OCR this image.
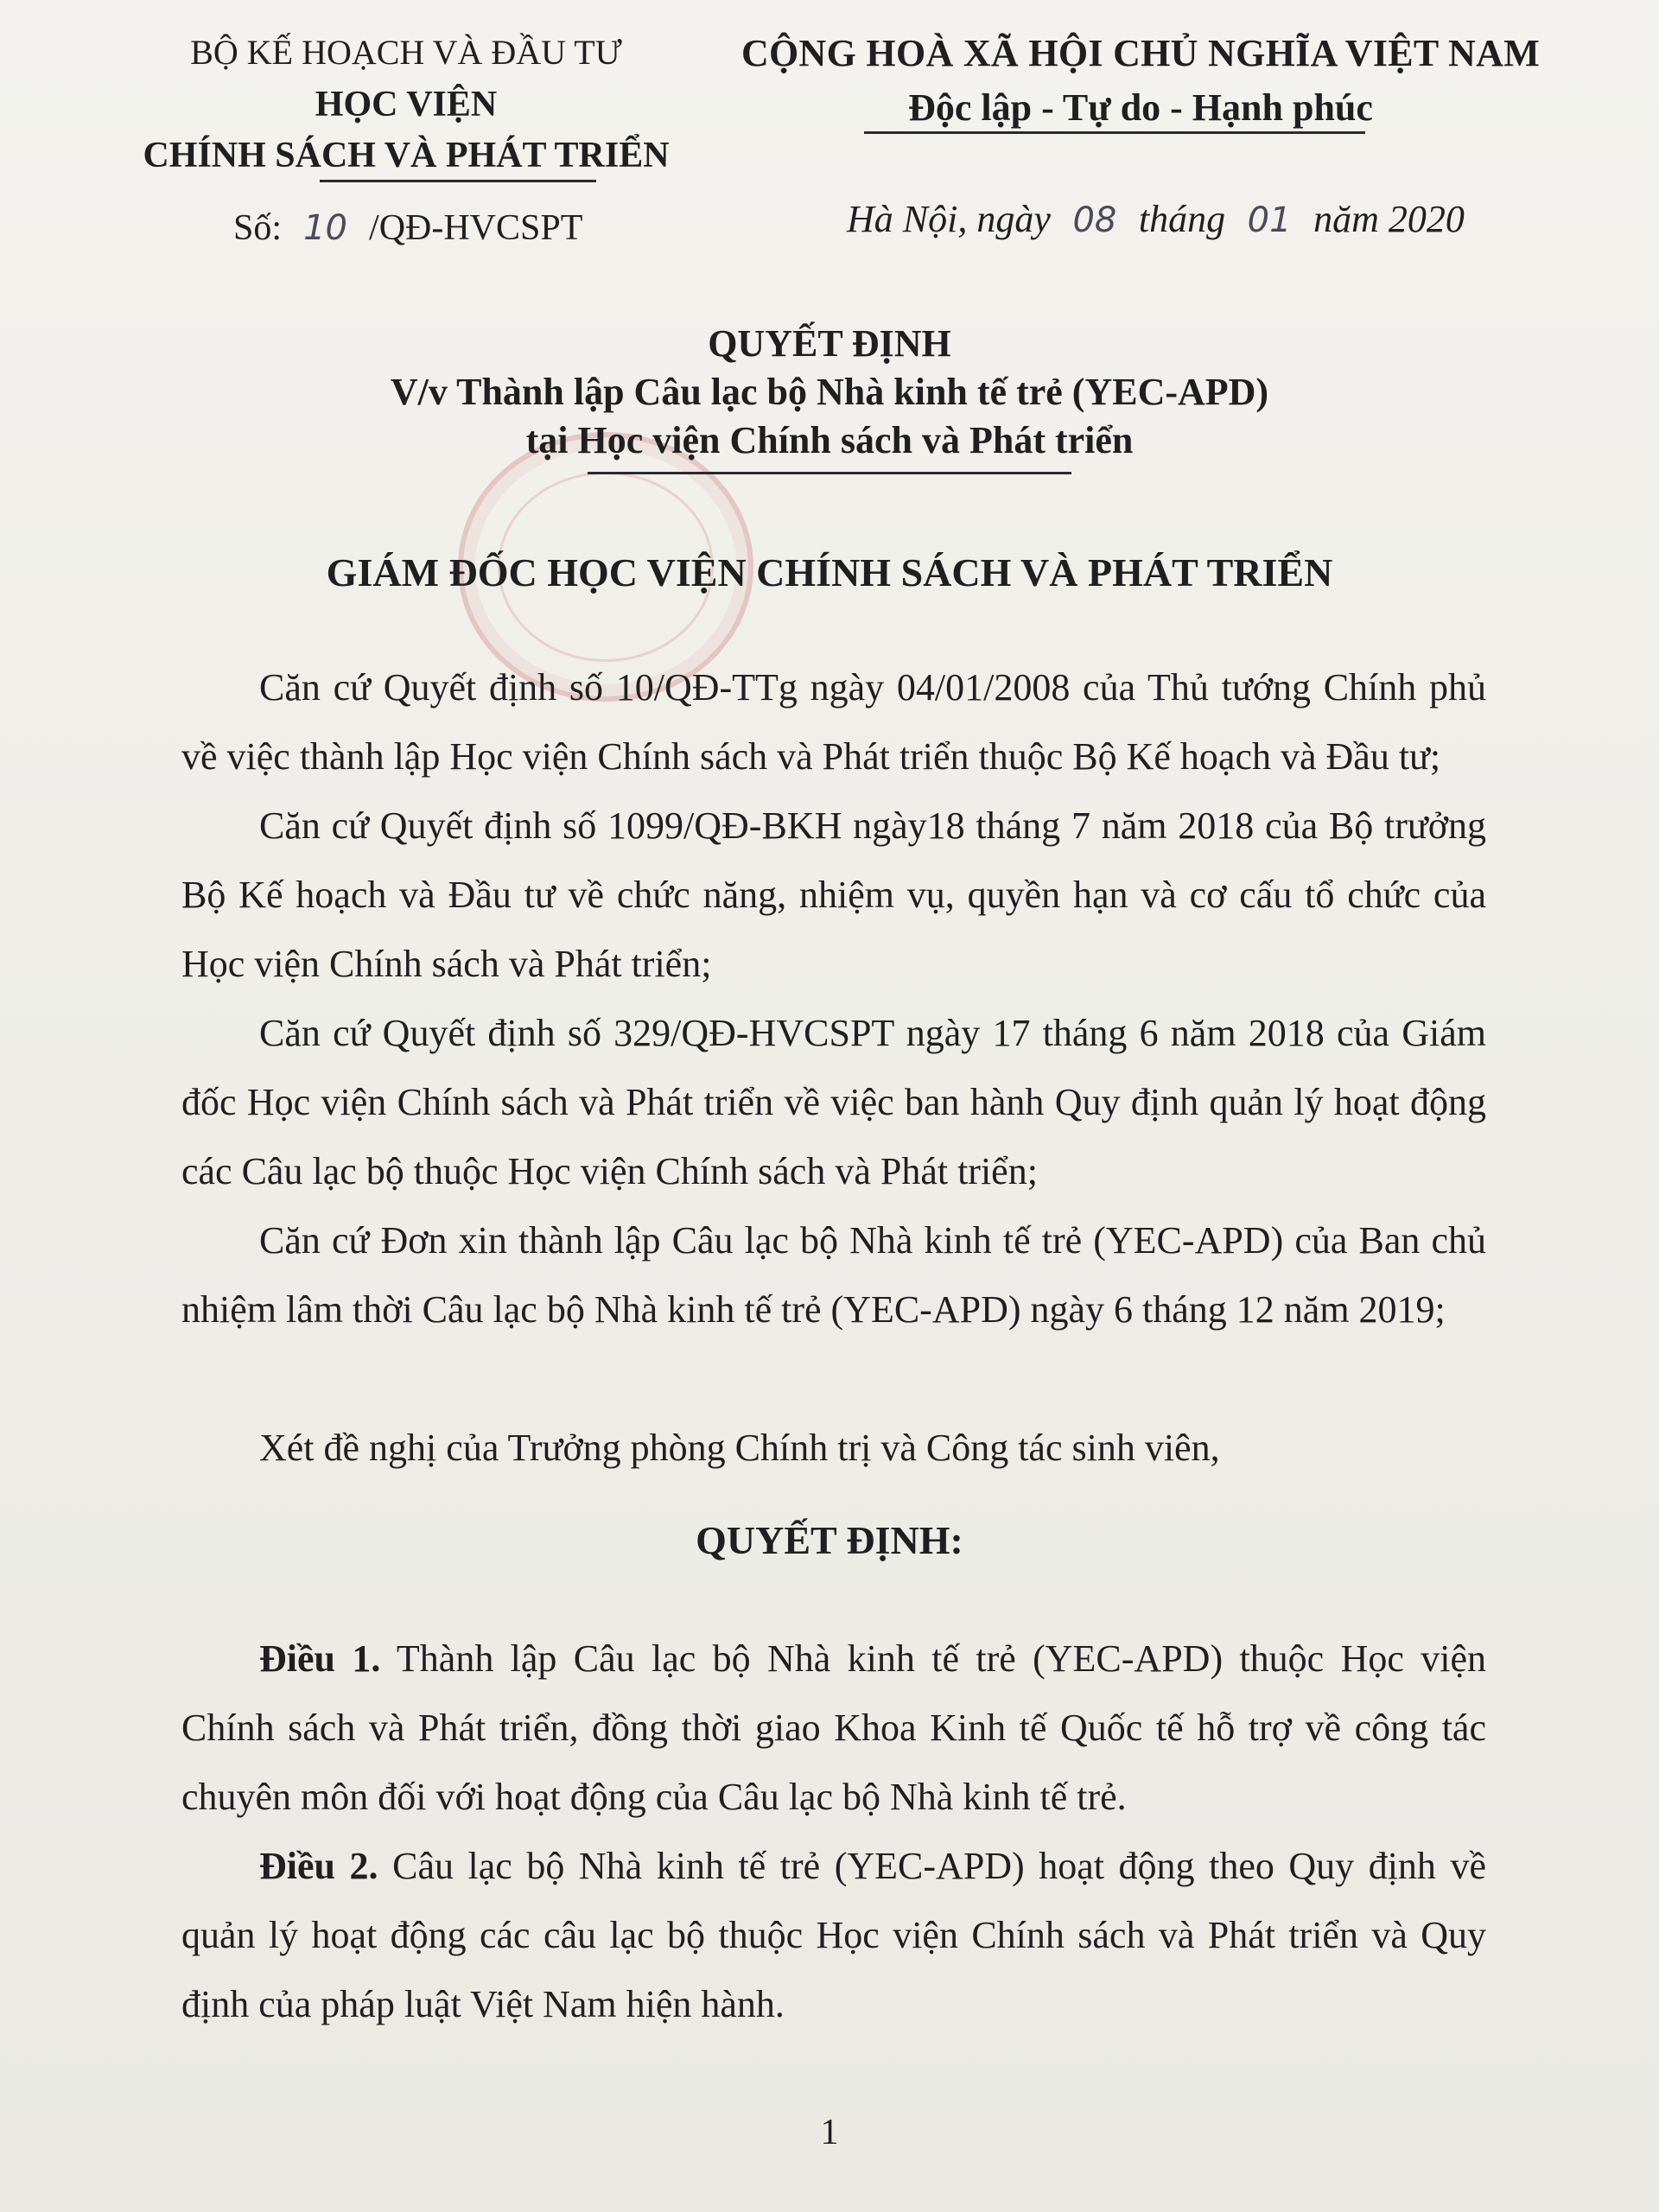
BỘ KẾ HOẠCH VÀ ĐẦU TƯ
HỌC VIỆN
CHÍNH SÁCH VÀ PHÁT TRIỂN
CỘNG HOÀ XÃ HỘI CHỦ NGHĨA VIỆT NAM
Độc lập - Tự do - Hạnh phúc
Số: 10 /QĐ-HVCSPT	Hà Nội, ngày 08 tháng 01 năm 2020
QUYẾT ĐỊNH
V/v Thành lập Câu lạc bộ Nhà kinh tế trẻ (YEC-APD)
tại Học viện Chính sách và Phát triển
GIÁM ĐỐC HỌC VIỆN CHÍNH SÁCH VÀ PHÁT TRIỂN
Căn cứ Quyết định số 10/QĐ-TTg ngày 04/01/2008 của Thủ tướng Chính phủ về việc thành lập Học viện Chính sách và Phát triển thuộc Bộ Kế hoạch và Đầu tư;
Căn cứ Quyết định số 1099/QĐ-BKH ngày18 tháng 7 năm 2018 của Bộ trưởng Bộ Kế hoạch và Đầu tư về chức năng, nhiệm vụ, quyền hạn và cơ cấu tổ chức của Học viện Chính sách và Phát triển;
Căn cứ Quyết định số 329/QĐ-HVCSPT ngày 17 tháng 6 năm 2018 của Giám đốc Học viện Chính sách và Phát triển về việc ban hành Quy định quản lý hoạt động các Câu lạc bộ thuộc Học viện Chính sách và Phát triển;
Căn cứ Đơn xin thành lập Câu lạc bộ Nhà kinh tế trẻ (YEC-APD) của Ban chủ nhiệm lâm thời Câu lạc bộ Nhà kinh tế trẻ (YEC-APD) ngày 6 tháng 12 năm 2019;
Xét đề nghị của Trưởng phòng Chính trị và Công tác sinh viên,
QUYẾT ĐỊNH:
Điều 1. Thành lập Câu lạc bộ Nhà kinh tế trẻ (YEC-APD) thuộc Học viện Chính sách và Phát triển, đồng thời giao Khoa Kinh tế Quốc tế hỗ trợ về công tác chuyên môn đối với hoạt động của Câu lạc bộ Nhà kinh tế trẻ.
Điều 2. Câu lạc bộ Nhà kinh tế trẻ (YEC-APD) hoạt động theo Quy định về quản lý hoạt động các câu lạc bộ thuộc Học viện Chính sách và Phát triển và Quy định của pháp luật Việt Nam hiện hành.
1
